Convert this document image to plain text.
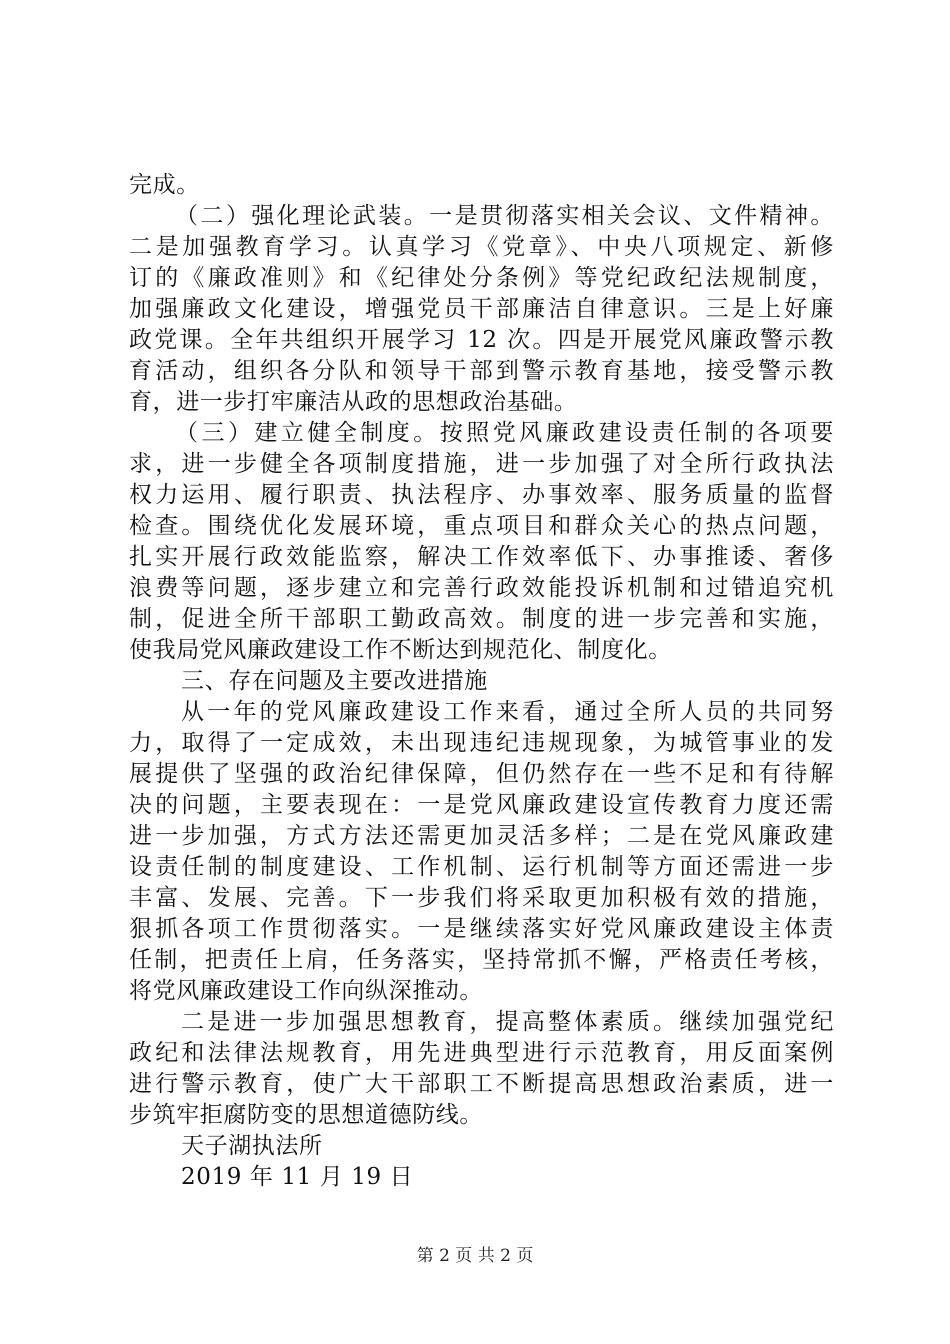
完成。
（二）强化理论武装。一是贯彻落实相关会议、文件精神。
二是加强教育学习。认真学习《党章》、中央八项规定、新修
订的《廉政准则》和《纪律处分条例》等党纪政纪法规制度，
加强廉政文化建设，增强党员干部廉洁自律意识。三是上好廉
政党课。全年共组织开展学习 12 次。四是开展党风廉政警示教
育活动，组织各分队和领导干部到警示教育基地，接受警示教
育，进一步打牢廉洁从政的思想政治基础。
（三）建立健全制度。按照党风廉政建设责任制的各项要
求，进一步健全各项制度措施，进一步加强了对全所行政执法
权力运用、履行职责、执法程序、办事效率、服务质量的监督
检查。围绕优化发展环境，重点项目和群众关心的热点问题，
扎实开展行政效能监察，解决工作效率低下、办事推诿、奢侈
浪费等问题，逐步建立和完善行政效能投诉机制和过错追究机
制，促进全所干部职工勤政高效。制度的进一步完善和实施，
使我局党风廉政建设工作不断达到规范化、制度化。
三、存在问题及主要改进措施
从一年的党风廉政建设工作来看，通过全所人员的共同努
力，取得了一定成效，未出现违纪违规现象，为城管事业的发
展提供了坚强的政治纪律保障，但仍然存在一些不足和有待解
决的问题，主要表现在：一是党风廉政建设宣传教育力度还需
进一步加强，方式方法还需更加灵活多样；二是在党风廉政建
设责任制的制度建设、工作机制、运行机制等方面还需进一步
丰富、发展、完善。下一步我们将采取更加积极有效的措施，
狠抓各项工作贯彻落实。一是继续落实好党风廉政建设主体责
任制，把责任上肩，任务落实，坚持常抓不懈，严格责任考核，
将党风廉政建设工作向纵深推动。
二是进一步加强思想教育，提高整体素质。继续加强党纪
政纪和法律法规教育，用先进典型进行示范教育，用反面案例
进行警示教育，使广大干部职工不断提高思想政治素质，进一
步筑牢拒腐防变的思想道德防线。
天子湖执法所
2019 年 11 月 19 日
第 2 页 共 2 页
